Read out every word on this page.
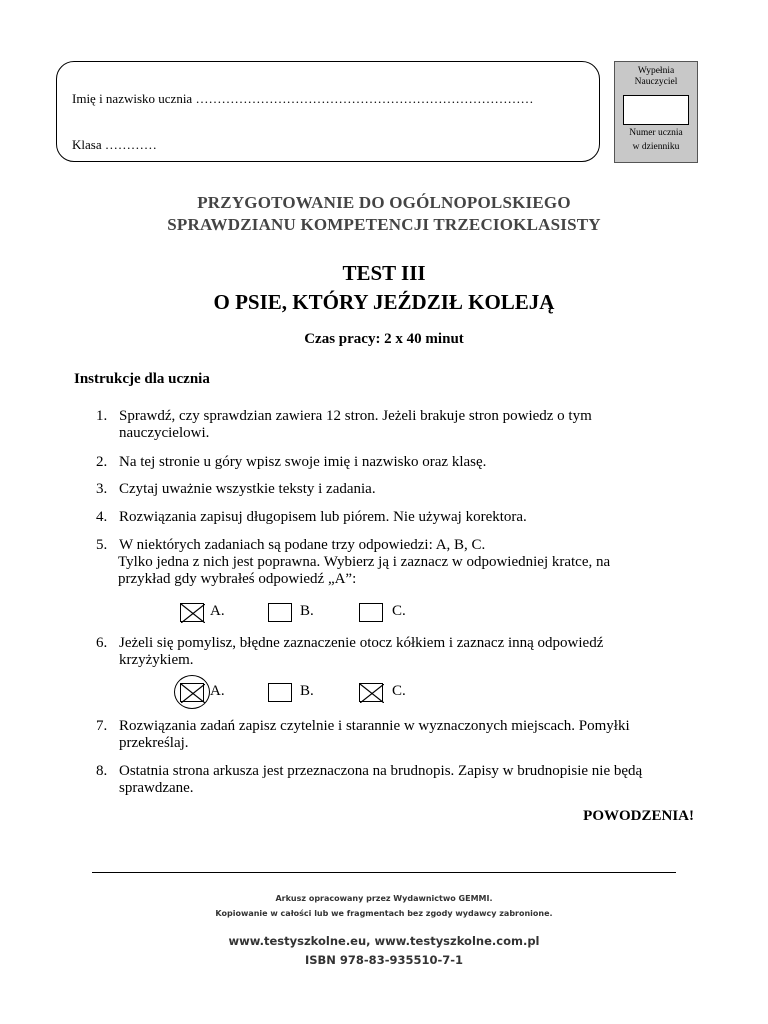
Imię i nazwisko ucznia ……………………………………………………………………
Klasa …………
Wypełnia
Nauczyciel
Numer ucznia
w dzienniku
PRZYGOTOWANIE DO OGÓLNOPOLSKIEGO
SPRAWDZIANU KOMPETENCJI TRZECIOKLASISTY
TEST III
O PSIE, KTÓRY JEŹDZIŁ KOLEJĄ
Czas pracy: 2 x 40 minut
Instrukcje dla ucznia
1. Sprawdź, czy sprawdzian zawiera 12 stron. Jeżeli brakuje stron powiedz o tym nauczycielowi.
2. Na tej stronie u góry wpisz swoje imię i nazwisko oraz klasę.
3. Czytaj uważnie wszystkie teksty i zadania.
4. Rozwiązania zapisuj długopisem lub piórem. Nie używaj korektora.
5. W niektórych zadaniach są podane trzy odpowiedzi: A, B, C.
Tylko jedna z nich jest poprawna. Wybierz ją i zaznacz w odpowiedniej kratce, na
przykład gdy wybrałeś odpowiedź „A”:
A.	B.	C.
6. Jeżeli się pomylisz, błędne zaznaczenie otocz kółkiem i zaznacz inną odpowiedź krzyżykiem.
A.	B.	C.
7. Rozwiązania zadań zapisz czytelnie i starannie w wyznaczonych miejscach. Pomyłki przekreślaj.
8. Ostatnia strona arkusza jest przeznaczona na brudnopis. Zapisy w brudnopisie nie będą sprawdzane.
POWODZENIA!
Arkusz opracowany przez Wydawnictwo GEMMI.
Kopiowanie w całości lub we fragmentach bez zgody wydawcy zabronione.
www.testyszkolne.eu, www.testyszkolne.com.pl
ISBN 978-83-935510-7-1
